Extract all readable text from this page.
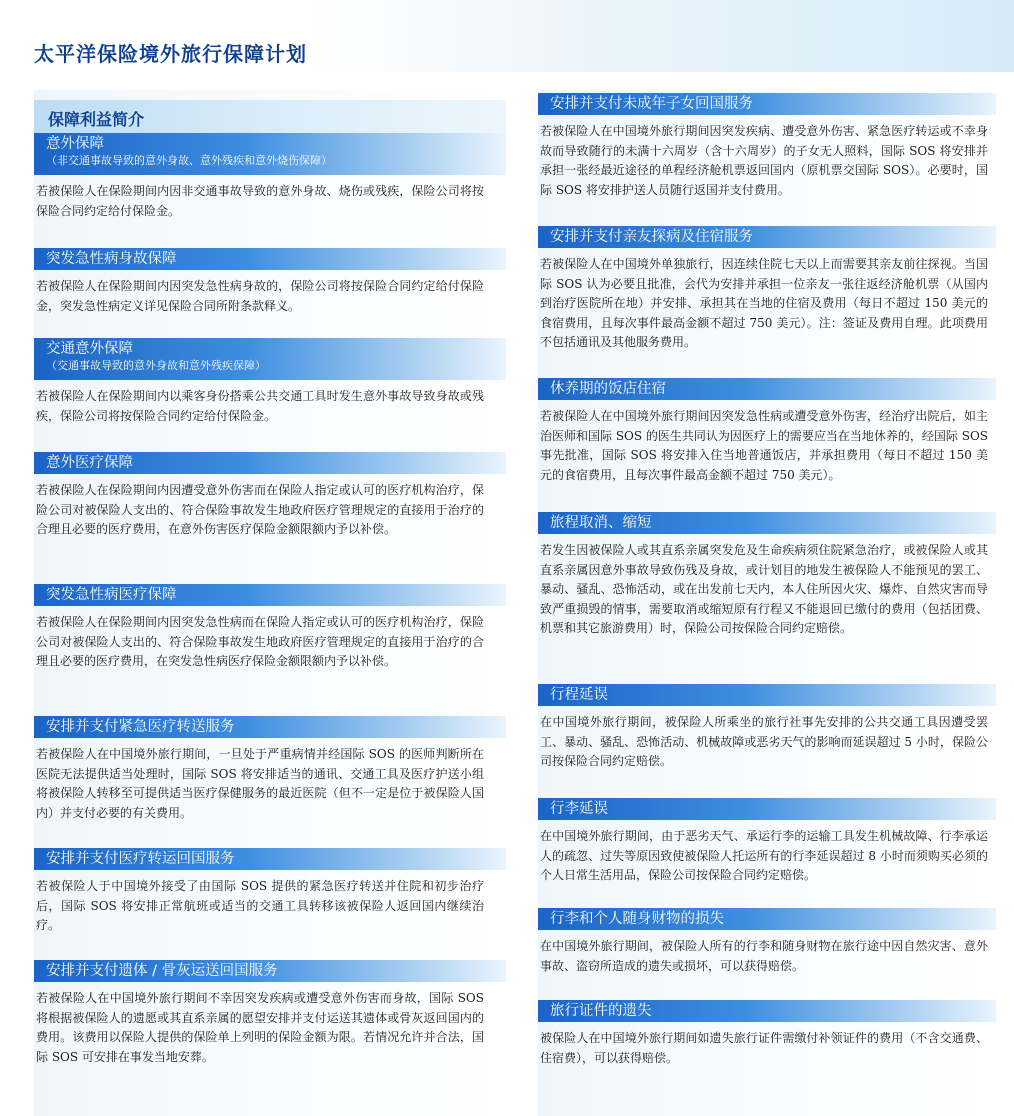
太平洋保险境外旅行保障计划
保障利益简介
意外保障
（非交通事故导致的意外身故、意外残疾和意外烧伤保障）

若被保险人在保险期间内因非交通事故导致的意外身故、烧伤或残疾，保险公司将按保险合同约定给付保险金。

突发急性病身故保障

若被保险人在保险期间内因突发急性病身故的，保险公司将按保险合同约定给付保险金，突发急性病定义详见保险合同所附条款释义。

交通意外保障
（交通事故导致的意外身故和意外残疾保障）

若被保险人在保险期间内以乘客身份搭乘公共交通工具时发生意外事故导致身故或残疾，保险公司将按保险合同约定给付保险金。

意外医疗保障

若被保险人在保险期间内因遭受意外伤害而在保险人指定或认可的医疗机构治疗，保险公司对被保险人支出的、符合保险事故发生地政府医疗管理规定的直接用于治疗的合理且必要的医疗费用，在意外伤害医疗保险金额限额内予以补偿。

突发急性病医疗保障

若被保险人在保险期间内因突发急性病而在保险人指定或认可的医疗机构治疗，保险公司对被保险人支出的、符合保险事故发生地政府医疗管理规定的直接用于治疗的合理且必要的医疗费用，在突发急性病医疗保险金额限额内予以补偿。

安排并支付紧急医疗转送服务

若被保险人在中国境外旅行期间，一旦处于严重病情并经国际 SOS 的医师判断所在医院无法提供适当处理时，国际 SOS 将安排适当的通讯、交通工具及医疗护送小组将被保险人转移至可提供适当医疗保健服务的最近医院（但不一定是位于被保险人国内）并支付必要的有关费用。

安排并支付医疗转运回国服务

若被保险人于中国境外接受了由国际 SOS 提供的紧急医疗转送并住院和初步治疗后，国际 SOS 将安排正常航班或适当的交通工具转移该被保险人返回国内继续治疗。

安排并支付遗体 / 骨灰运送回国服务

若被保险人在中国境外旅行期间不幸因突发疾病或遭受意外伤害而身故，国际 SOS 将根据被保险人的遗愿或其直系亲属的愿望安排并支付运送其遗体或骨灰返回国内的费用。该费用以保险人提供的保险单上列明的保险金额为限。若情况允许并合法，国际 SOS 可安排在事发当地安葬。

安排并支付未成年子女回国服务

若被保险人在中国境外旅行期间因突发疾病、遭受意外伤害、紧急医疗转运或不幸身故而导致随行的未满十六周岁（含十六周岁）的子女无人照料，国际 SOS 将安排并承担一张经最近途径的单程经济舱机票返回国内（原机票交国际 SOS）。必要时，国际 SOS 将安排护送人员随行返国并支付费用。

安排并支付亲友探病及住宿服务

若被保险人在中国境外单独旅行，因连续住院七天以上而需要其亲友前往探视。当国际 SOS 认为必要且批准，会代为安排并承担一位亲友一张往返经济舱机票（从国内到治疗医院所在地）并安排、承担其在当地的住宿及费用（每日不超过 150 美元的食宿费用，且每次事件最高金额不超过 750 美元）。注：签证及费用自理。此项费用不包括通讯及其他服务费用。

休养期的饭店住宿

若被保险人在中国境外旅行期间因突发急性病或遭受意外伤害，经治疗出院后，如主治医师和国际 SOS 的医生共同认为因医疗上的需要应当在当地休养的，经国际 SOS 事先批准，国际 SOS 将安排入住当地普通饭店，并承担费用（每日不超过 150 美元的食宿费用，且每次事件最高金额不超过 750 美元）。

旅程取消、缩短

若发生因被保险人或其直系亲属突发危及生命疾病须住院紧急治疗，或被保险人或其直系亲属因意外事故导致伤残及身故，或计划目的地发生被保险人不能预见的罢工、暴动、骚乱、恐怖活动，或在出发前七天内，本人住所因火灾、爆炸、自然灾害而导致严重损毁的情事，需要取消或缩短原有行程又不能退回已缴付的费用（包括团费、机票和其它旅游费用）时，保险公司按保险合同约定赔偿。

行程延误

在中国境外旅行期间，被保险人所乘坐的旅行社事先安排的公共交通工具因遭受罢工、暴动、骚乱、恐怖活动、机械故障或恶劣天气的影响而延误超过 5 小时，保险公司按保险合同约定赔偿。

行李延误

在中国境外旅行期间，由于恶劣天气、承运行李的运输工具发生机械故障、行李承运人的疏忽、过失等原因致使被保险人托运所有的行李延误超过 8 小时而须购买必须的个人日常生活用品，保险公司按保险合同约定赔偿。

行李和个人随身财物的损失

在中国境外旅行期间，被保险人所有的行李和随身财物在旅行途中因自然灾害、意外事故、盗窃所造成的遗失或损坏，可以获得赔偿。

旅行证件的遗失

被保险人在中国境外旅行期间如遗失旅行证件需缴付补领证件的费用（不含交通费、住宿费），可以获得赔偿。
